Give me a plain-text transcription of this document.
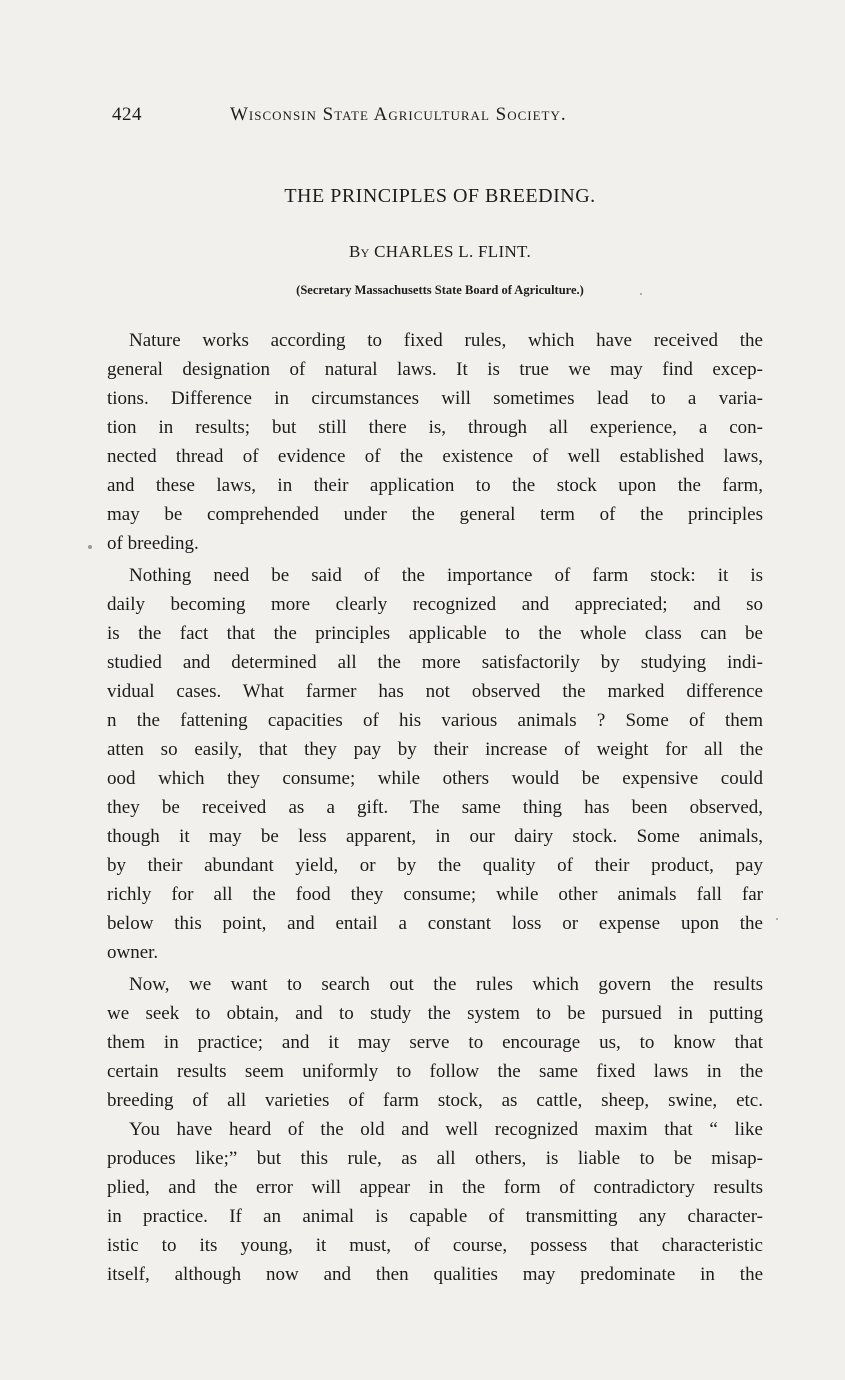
424	Wisconsin State Agricultural Society.
THE PRINCIPLES OF BREEDING.
By CHARLES L. FLINT.
(Secretary Massachusetts State Board of Agriculture.)
Nature works according to fixed rules, which have received the
general designation of natural laws. It is true we may find excep-
tions. Difference in circumstances will sometimes lead to a varia-
tion in results; but still there is, through all experience, a con-
nected thread of evidence of the existence of well established laws,
and these laws, in their application to the stock upon the farm,
may be comprehended under the general term of the principles
of breeding.
Nothing need be said of the importance of farm stock: it is
daily becoming more clearly recognized and appreciated; and so
is the fact that the principles applicable to the whole class can be
studied and determined all the more satisfactorily by studying indi-
vidual cases. What farmer has not observed the marked difference
n the fattening capacities of his various animals ? Some of them
atten so easily, that they pay by their increase of weight for all the
ood which they consume; while others would be expensive could
they be received as a gift. The same thing has been observed,
though it may be less apparent, in our dairy stock. Some animals,
by their abundant yield, or by the quality of their product, pay
richly for all the food they consume; while other animals fall far
below this point, and entail a constant loss or expense upon the
owner.
Now, we want to search out the rules which govern the results
we seek to obtain, and to study the system to be pursued in putting
them in practice; and it may serve to encourage us, to know that
certain results seem uniformly to follow the same fixed laws in the
breeding of all varieties of farm stock, as cattle, sheep, swine, etc.
You have heard of the old and well recognized maxim that “ like
produces like;” but this rule, as all others, is liable to be misap-
plied, and the error will appear in the form of contradictory results
in practice. If an animal is capable of transmitting any character-
istic to its young, it must, of course, possess that characteristic
itself, although now and then qualities may predominate in the
